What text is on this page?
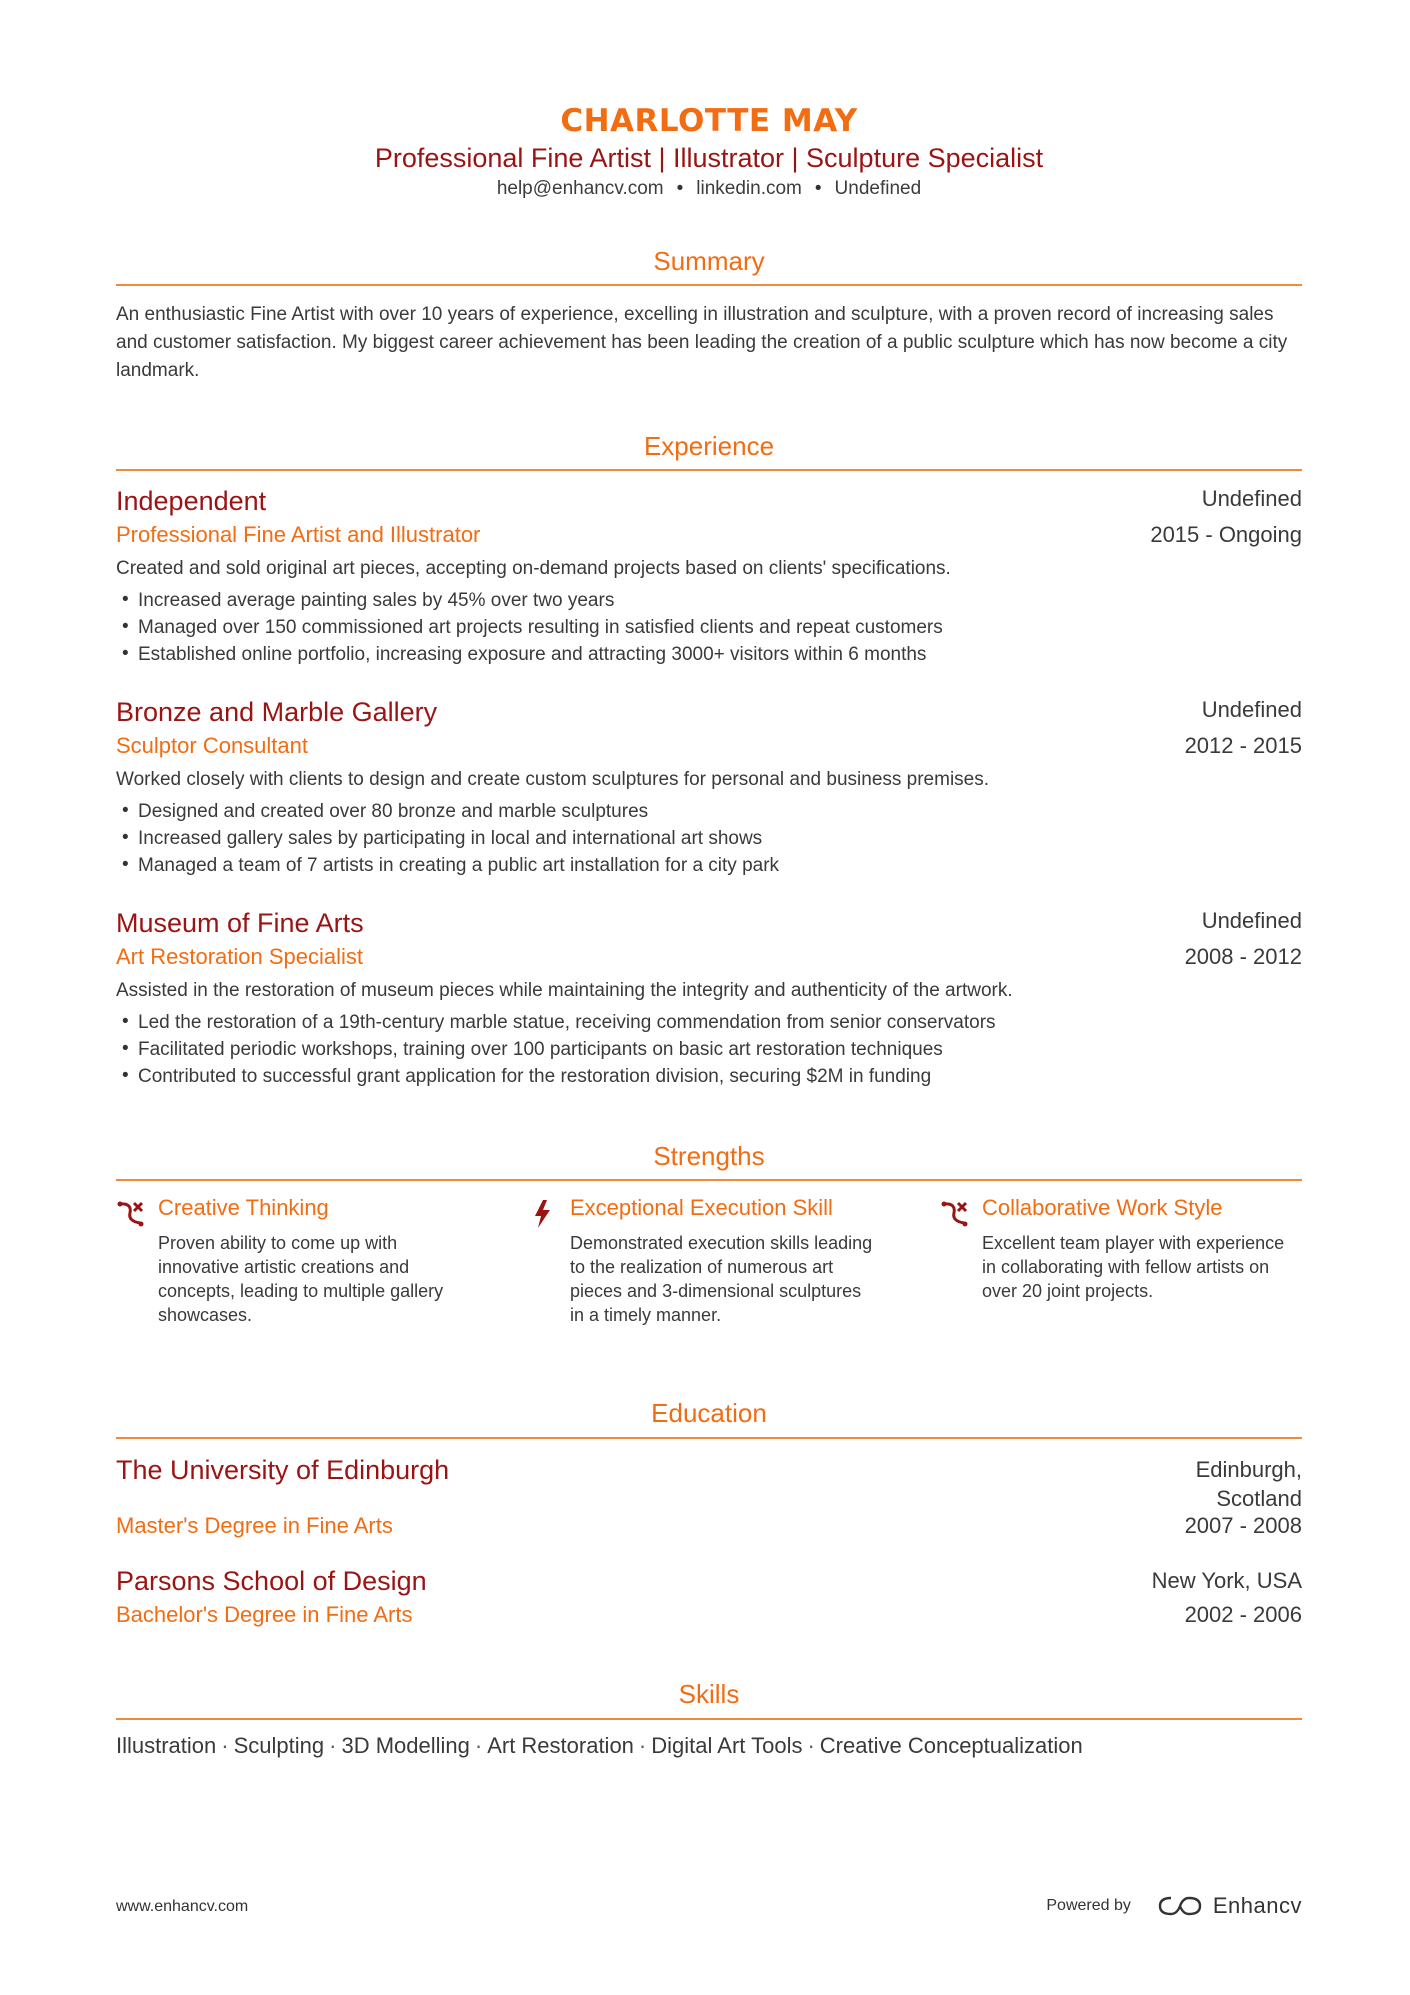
CHARLOTTE MAY
Professional Fine Artist | Illustrator | Sculpture Specialist
help@enhancv.com • linkedin.com • Undefined
Summary
An enthusiastic Fine Artist with over 10 years of experience, excelling in illustration and sculpture, with a proven record of increasing sales and customer satisfaction. My biggest career achievement has been leading the creation of a public sculpture which has now become a city landmark.
Experience
Independent	Undefined
Professional Fine Artist and Illustrator	2015 - Ongoing
Created and sold original art pieces, accepting on-demand projects based on clients' specifications.
• Increased average painting sales by 45% over two years
• Managed over 150 commissioned art projects resulting in satisfied clients and repeat customers
• Established online portfolio, increasing exposure and attracting 3000+ visitors within 6 months
Bronze and Marble Gallery	Undefined
Sculptor Consultant	2012 - 2015
Worked closely with clients to design and create custom sculptures for personal and business premises.
• Designed and created over 80 bronze and marble sculptures
• Increased gallery sales by participating in local and international art shows
• Managed a team of 7 artists in creating a public art installation for a city park
Museum of Fine Arts	Undefined
Art Restoration Specialist	2008 - 2012
Assisted in the restoration of museum pieces while maintaining the integrity and authenticity of the artwork.
• Led the restoration of a 19th-century marble statue, receiving commendation from senior conservators
• Facilitated periodic workshops, training over 100 participants on basic art restoration techniques
• Contributed to successful grant application for the restoration division, securing $2M in funding
Strengths
Creative Thinking
Proven ability to come up with innovative artistic creations and concepts, leading to multiple gallery showcases.
Exceptional Execution Skill
Demonstrated execution skills leading to the realization of numerous art pieces and 3-dimensional sculptures in a timely manner.
Collaborative Work Style
Excellent team player with experience in collaborating with fellow artists on over 20 joint projects.
Education
The University of Edinburgh	Edinburgh,
Scotland
Master's Degree in Fine Arts	2007 - 2008
Parsons School of Design	New York, USA
Bachelor's Degree in Fine Arts	2002 - 2006
Skills
Illustration · Sculpting · 3D Modelling · Art Restoration · Digital Art Tools · Creative Conceptualization
www.enhancv.com	Powered by	Enhancv
